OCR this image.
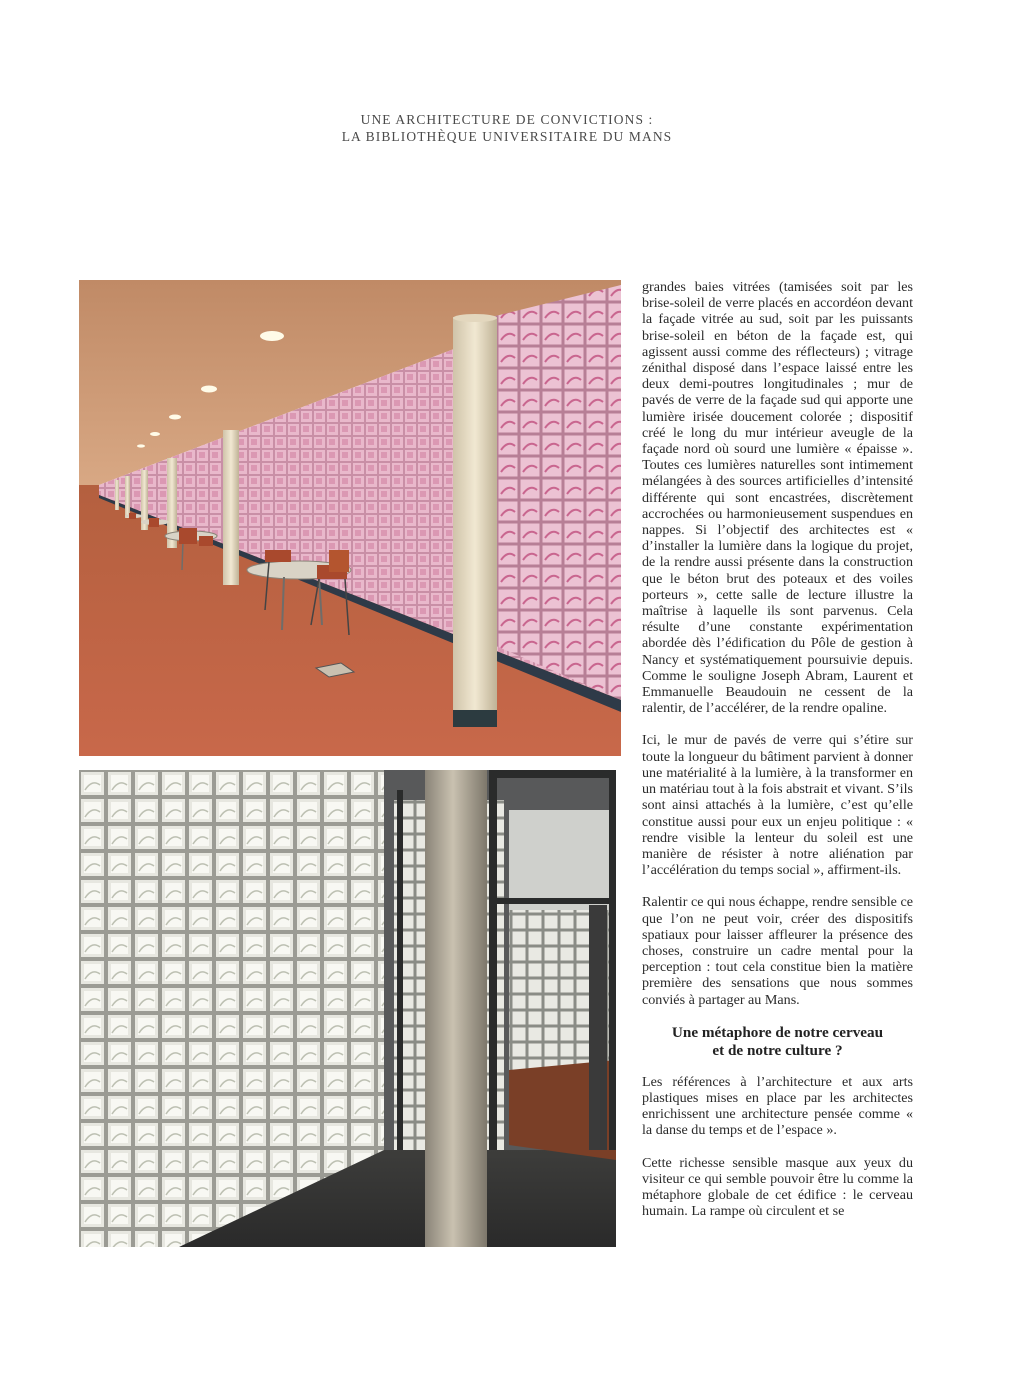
UNE ARCHITECTURE DE CONVICTIONS :
LA BIBLIOTHÈQUE UNIVERSITAIRE DU MANS

grandes baies vitrées (tamisées soit par les brise-soleil de verre placés en accordéon devant la façade vitrée au sud, soit par les puissants brise-soleil en béton de la façade est, qui agissent aussi comme des réflecteurs) ; vitrage zénithal disposé dans l’espace laissé entre les deux demi-poutres longitudinales ; mur de pavés de verre de la façade sud qui apporte une lumière irisée doucement colorée ; dispositif créé le long du mur intérieur aveugle de la façade nord où sourd une lumière « épaisse ». Toutes ces lumières naturelles sont intimement mélangées à des sources artificielles d’intensité différente qui sont encastrées, discrètement accrochées ou harmonieusement suspendues en nappes. Si l’objectif des architectes est « d’installer la lumière dans la logique du projet, de la rendre aussi présente dans la construction que le béton brut des poteaux et des voiles porteurs », cette salle de lecture illustre la maîtrise à laquelle ils sont parvenus. Cela résulte d’une constante expérimentation abordée dès l’édification du Pôle de gestion à Nancy et systématiquement poursuivie depuis. Comme le souligne Joseph Abram, Laurent et Emmanuelle Beaudouin ne cessent de la ralentir, de l’accélérer, de la rendre opaline.

Ici, le mur de pavés de verre qui s’étire sur toute la longueur du bâtiment parvient à donner une matérialité à la lumière, à la transformer en un matériau tout à la fois abstrait et vivant. S’ils sont ainsi attachés à la lumière, c’est qu’elle constitue aussi pour eux un enjeu politique : « rendre visible la lenteur du soleil est une manière de résister à notre aliénation par l’accélération du temps social », affirment-ils.

Ralentir ce qui nous échappe, rendre sensible ce que l’on ne peut voir, créer des dispositifs spatiaux pour laisser affleurer la présence des choses, construire un cadre mental pour la perception : tout cela constitue bien la matière première des sensations que nous sommes conviés à partager au Mans.

Une métaphore de notre cerveau
et de notre culture ?

Les références à l’architecture et aux arts plastiques mises en place par les architectes enrichissent une architecture pensée comme « la danse du temps et de l’espace ».

Cette richesse sensible masque aux yeux du visiteur ce qui semble pouvoir être lu comme la métaphore globale de cet édifice : le cerveau humain. La rampe où circulent et se
